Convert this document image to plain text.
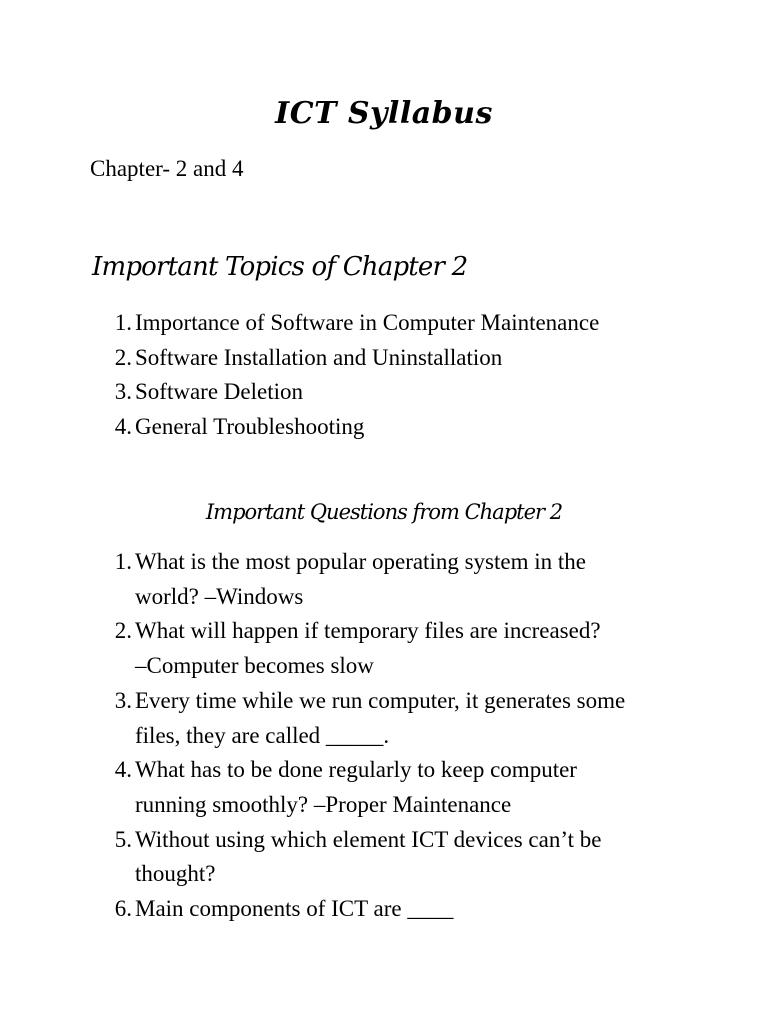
ICT Syllabus
Chapter- 2 and 4
Important Topics of Chapter 2
1. Importance of Software in Computer Maintenance
2. Software Installation and Uninstallation
3. Software Deletion
4. General Troubleshooting
Important Questions from Chapter 2
1. What is the most popular operating system in the
world? –Windows
2. What will happen if temporary files are increased?
–Computer becomes slow
3. Every time while we run computer, it generates some
files, they are called _____.
4. What has to be done regularly to keep computer
running smoothly? –Proper Maintenance
5. Without using which element ICT devices can’t be
thought?
6. Main components of ICT are ____
